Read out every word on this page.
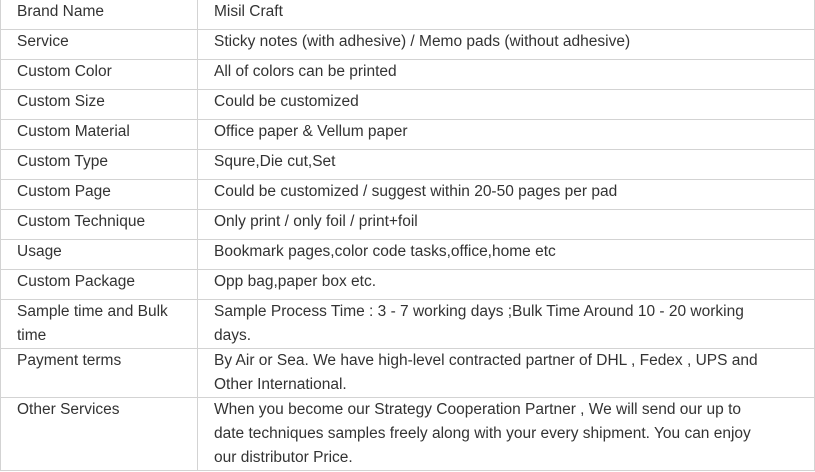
Brand Name	Misil Craft
Service	Sticky notes (with adhesive) / Memo pads (without adhesive)
Custom Color	All of colors can be printed
Custom Size	Could be customized
Custom Material	Office paper & Vellum paper
Custom Type	Squre,Die cut,Set
Custom Page	Could be customized / suggest within 20-50 pages per pad
Custom Technique	Only print / only foil / print+foil
Usage	Bookmark pages,color code tasks,office,home etc
Custom Package	Opp bag,paper box etc.
Sample time and Bulk time	Sample Process Time : 3 - 7 working days ;Bulk Time Around 10 - 20 working days.
Payment terms	By Air or Sea. We have high-level contracted partner of DHL , Fedex , UPS and Other International.
Other Services	When you become our Strategy Cooperation Partner , We will send our up to date techniques samples freely along with your every shipment. You can enjoy our distributor Price.
